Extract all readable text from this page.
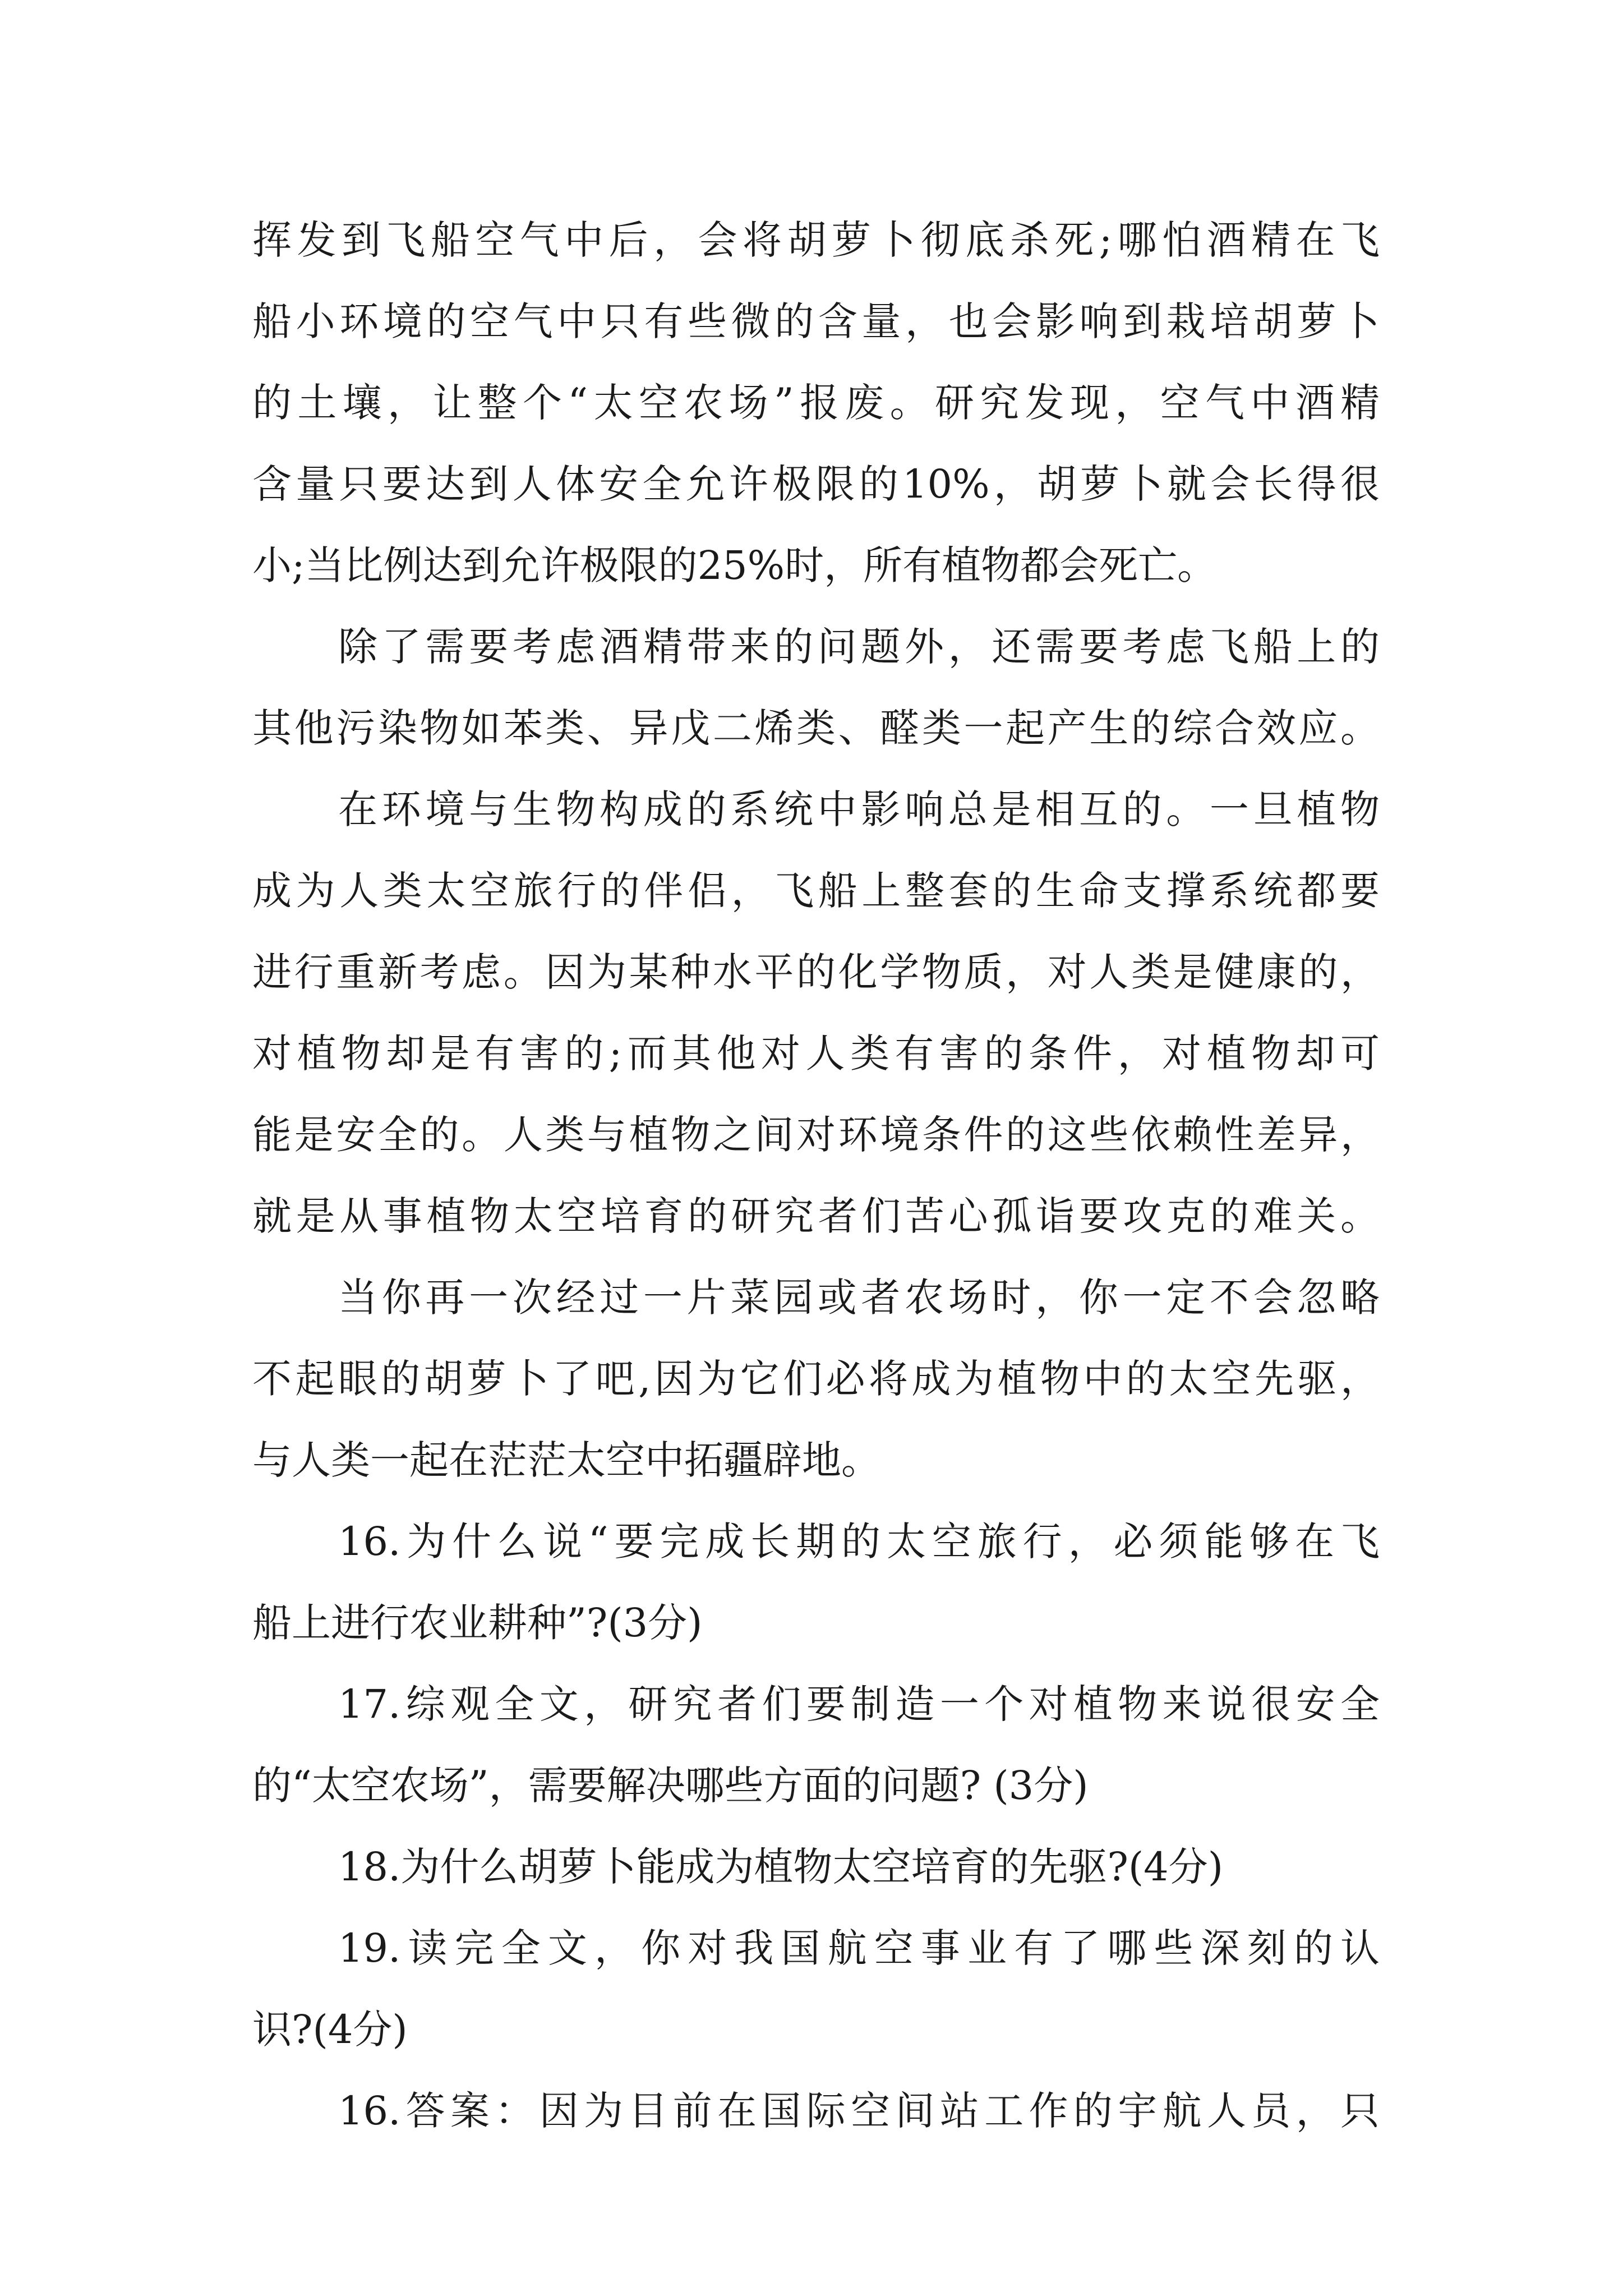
挥发到飞船空气中后，会将胡萝卜彻底杀死;哪怕酒精在飞
船小环境的空气中只有些微的含量，也会影响到栽培胡萝卜
的土壤，让整个“太空农场”报废。研究发现，空气中酒精
含量只要达到人体安全允许极限的10%，胡萝卜就会长得很
小;当比例达到允许极限的25%时，所有植物都会死亡。
除了需要考虑酒精带来的问题外，还需要考虑飞船上的
其他污染物如苯类、异戊二烯类、醛类一起产生的综合效应。
在环境与生物构成的系统中影响总是相互的。一旦植物
成为人类太空旅行的伴侣，飞船上整套的生命支撑系统都要
进行重新考虑。因为某种水平的化学物质，对人类是健康的，
对植物却是有害的;而其他对人类有害的条件，对植物却可
能是安全的。人类与植物之间对环境条件的这些依赖性差异，
就是从事植物太空培育的研究者们苦心孤诣要攻克的难关。
当你再一次经过一片菜园或者农场时，你一定不会忽略
不起眼的胡萝卜了吧,因为它们必将成为植物中的太空先驱，
与人类一起在茫茫太空中拓疆辟地。
16.为什么说“要完成长期的太空旅行，必须能够在飞
船上进行农业耕种”?(3分)
17.综观全文，研究者们要制造一个对植物来说很安全
的“太空农场”，需要解决哪些方面的问题? (3分)
18.为什么胡萝卜能成为植物太空培育的先驱?(4分)
19.读完全文，你对我国航空事业有了哪些深刻的认
识?(4分)
16.答案：因为目前在国际空间站工作的宇航人员，只
